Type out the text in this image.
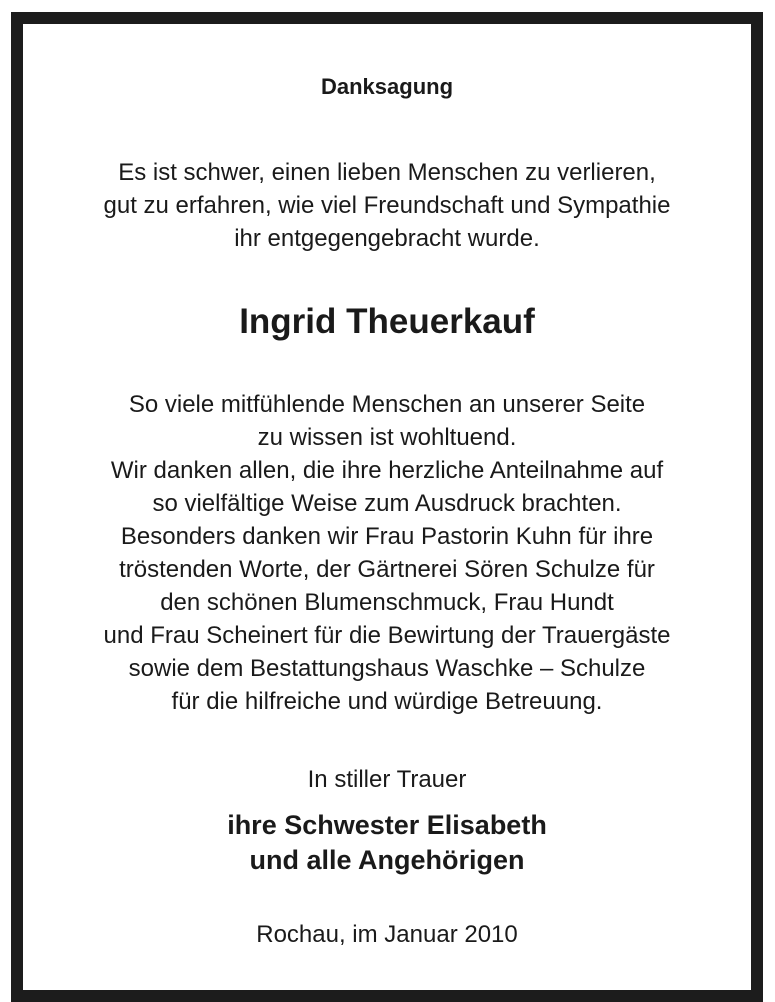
Danksagung
Es ist schwer, einen lieben Menschen zu verlieren,
gut zu erfahren, wie viel Freundschaft und Sympathie
ihr entgegengebracht wurde.
Ingrid Theuerkauf
So viele mitfühlende Menschen an unserer Seite
zu wissen ist wohltuend.
Wir danken allen, die ihre herzliche Anteilnahme auf
so vielfältige Weise zum Ausdruck brachten.
Besonders danken wir Frau Pastorin Kuhn für ihre
tröstenden Worte, der Gärtnerei Sören Schulze für
den schönen Blumenschmuck, Frau Hundt
und Frau Scheinert für die Bewirtung der Trauergäste
sowie dem Bestattungshaus Waschke – Schulze
für die hilfreiche und würdige Betreuung.
In stiller Trauer
ihre Schwester Elisabeth
und alle Angehörigen
Rochau, im Januar 2010
